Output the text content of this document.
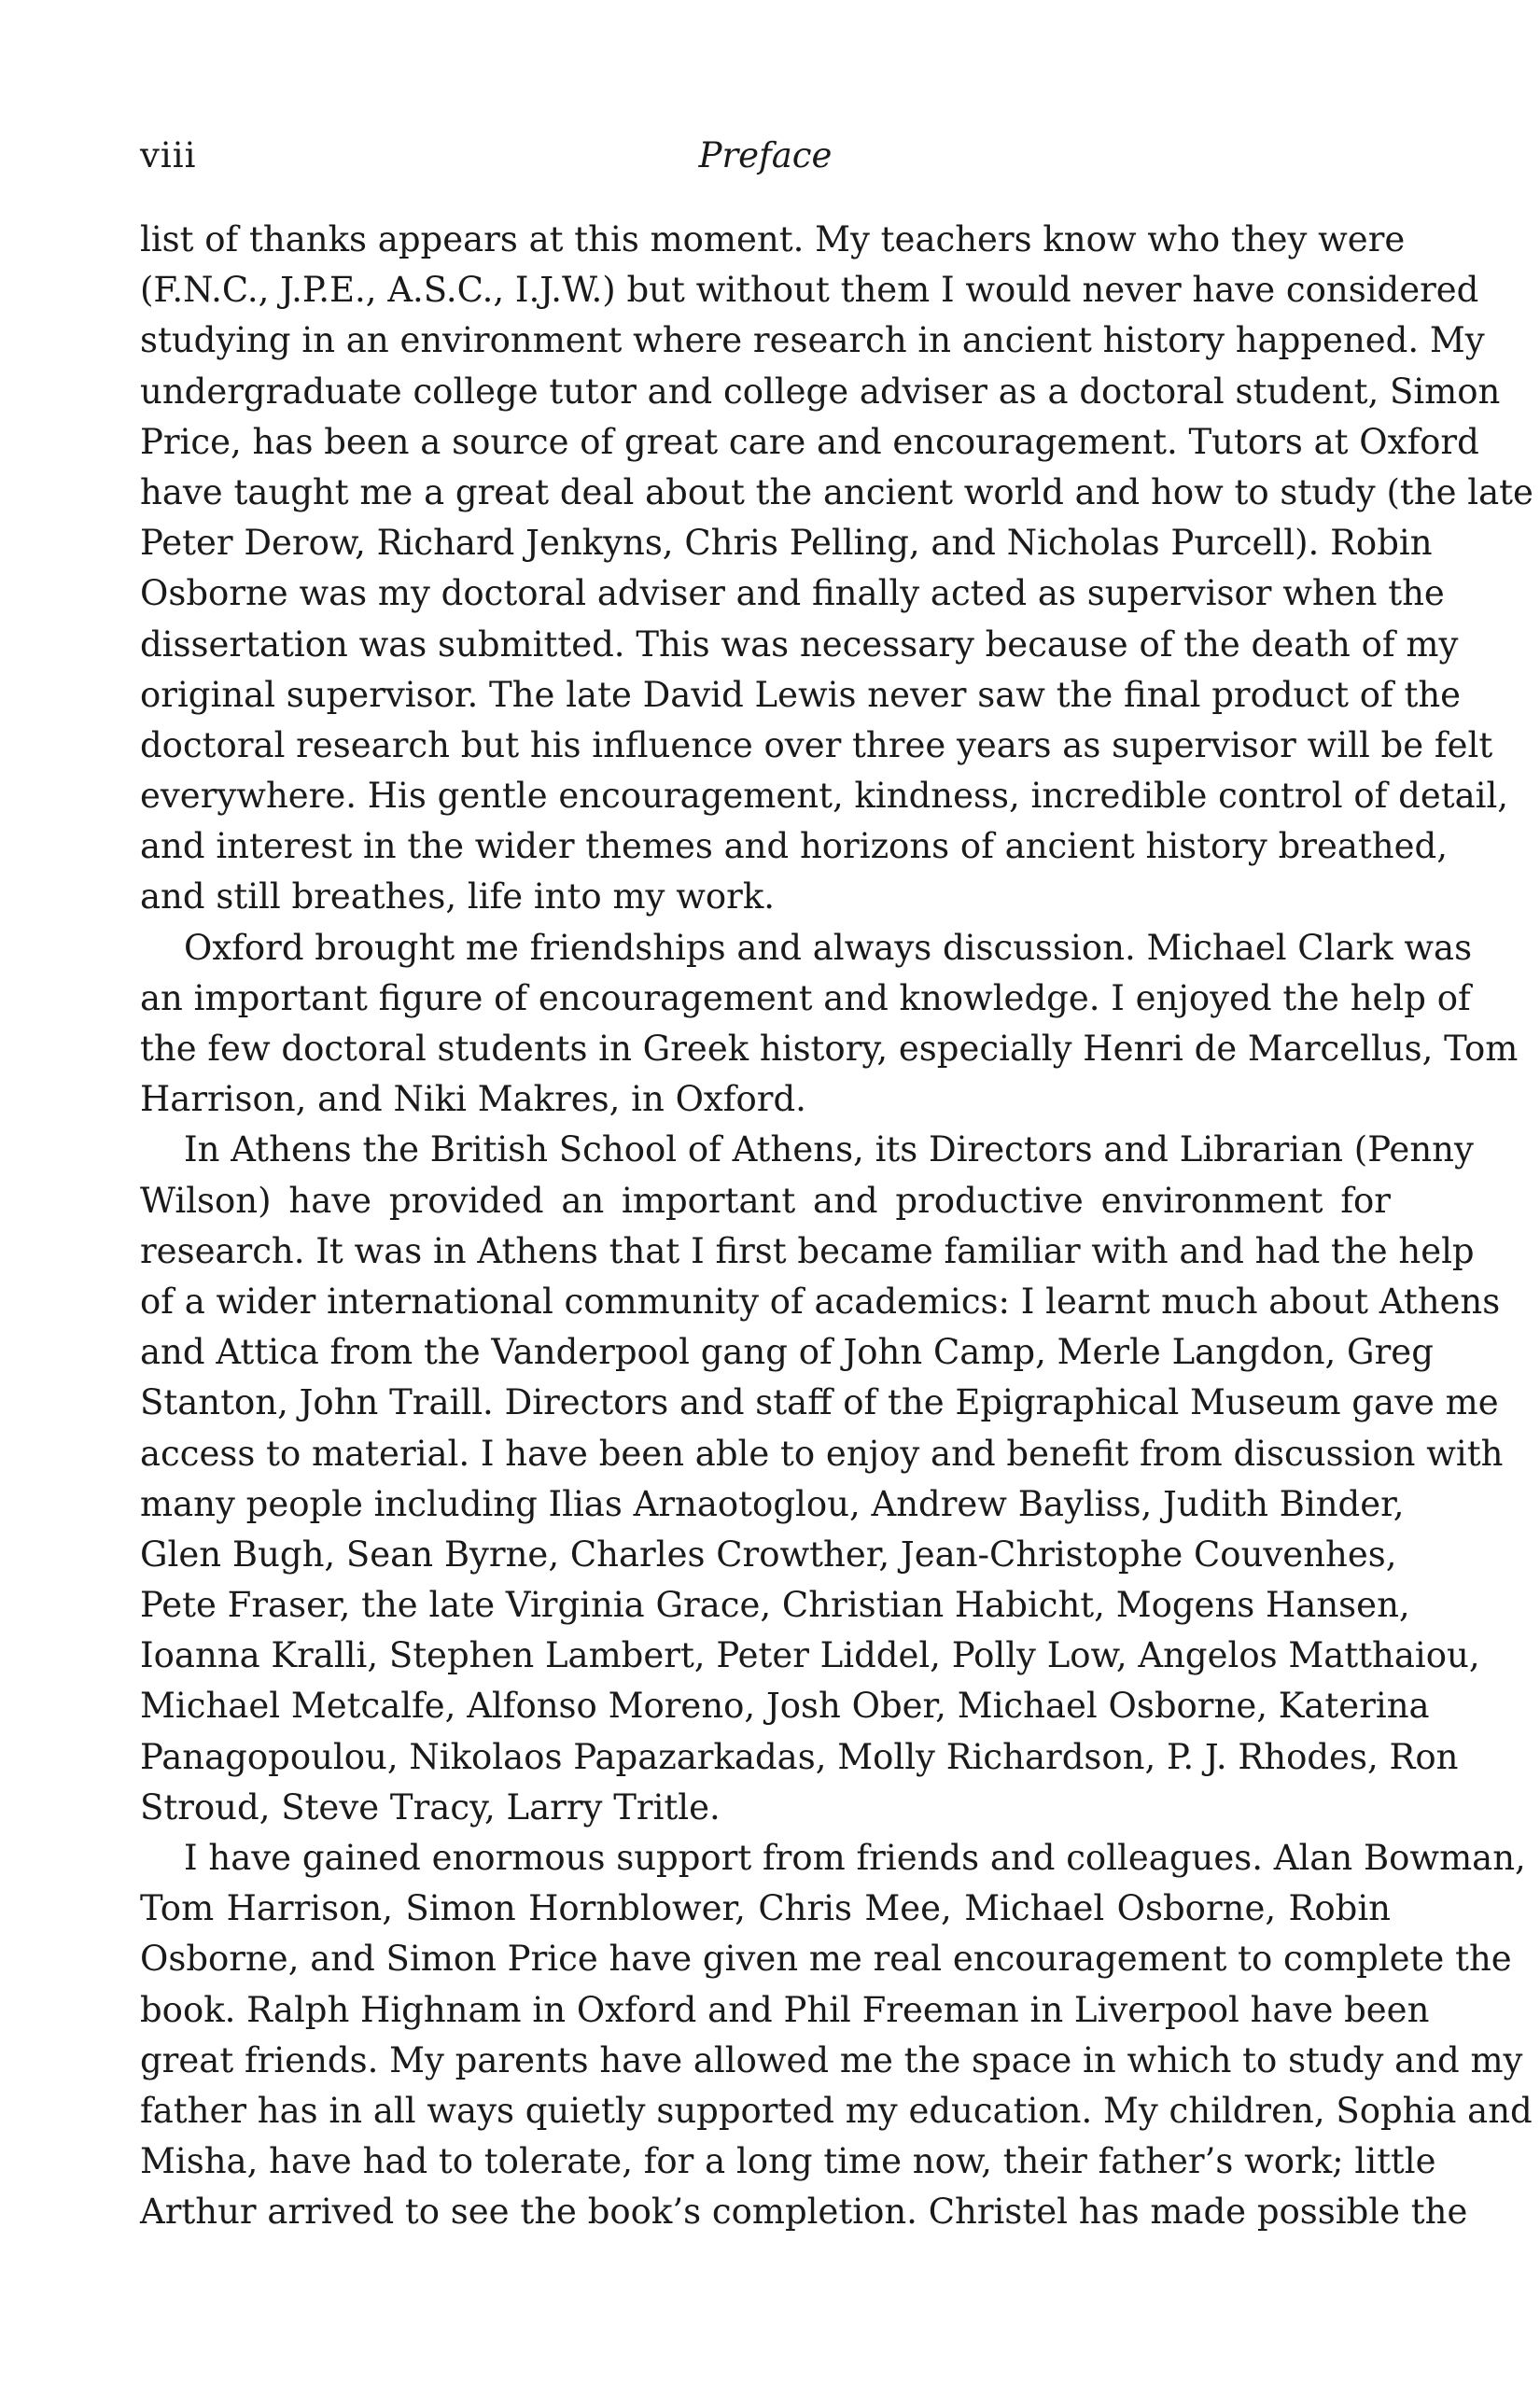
viii	Preface
list of thanks appears at this moment. My teachers know who they were
(F.N.C., J.P.E., A.S.C., I.J.W.) but without them I would never have considered
studying in an environment where research in ancient history happened. My
undergraduate college tutor and college adviser as a doctoral student, Simon
Price, has been a source of great care and encouragement. Tutors at Oxford
have taught me a great deal about the ancient world and how to study (the late
Peter Derow, Richard Jenkyns, Chris Pelling, and Nicholas Purcell). Robin
Osborne was my doctoral adviser and finally acted as supervisor when the
dissertation was submitted. This was necessary because of the death of my
original supervisor. The late David Lewis never saw the final product of the
doctoral research but his influence over three years as supervisor will be felt
everywhere. His gentle encouragement, kindness, incredible control of detail,
and interest in the wider themes and horizons of ancient history breathed,
and still breathes, life into my work.
Oxford brought me friendships and always discussion. Michael Clark was
an important figure of encouragement and knowledge. I enjoyed the help of
the few doctoral students in Greek history, especially Henri de Marcellus, Tom
Harrison, and Niki Makres, in Oxford.
In Athens the British School of Athens, its Directors and Librarian (Penny
Wilson) have provided an important and productive environment for
research. It was in Athens that I first became familiar with and had the help
of a wider international community of academics: I learnt much about Athens
and Attica from the Vanderpool gang of John Camp, Merle Langdon, Greg
Stanton, John Traill. Directors and staff of the Epigraphical Museum gave me
access to material. I have been able to enjoy and benefit from discussion with
many people including Ilias Arnaotoglou, Andrew Bayliss, Judith Binder,
Glen Bugh, Sean Byrne, Charles Crowther, Jean-Christophe Couvenhes,
Pete Fraser, the late Virginia Grace, Christian Habicht, Mogens Hansen,
Ioanna Kralli, Stephen Lambert, Peter Liddel, Polly Low, Angelos Matthaiou,
Michael Metcalfe, Alfonso Moreno, Josh Ober, Michael Osborne, Katerina
Panagopoulou, Nikolaos Papazarkadas, Molly Richardson, P. J. Rhodes, Ron
Stroud, Steve Tracy, Larry Tritle.
I have gained enormous support from friends and colleagues. Alan Bowman,
Tom Harrison, Simon Hornblower, Chris Mee, Michael Osborne, Robin
Osborne, and Simon Price have given me real encouragement to complete the
book. Ralph Highnam in Oxford and Phil Freeman in Liverpool have been
great friends. My parents have allowed me the space in which to study and my
father has in all ways quietly supported my education. My children, Sophia and
Misha, have had to tolerate, for a long time now, their father’s work; little
Arthur arrived to see the book’s completion. Christel has made possible the
